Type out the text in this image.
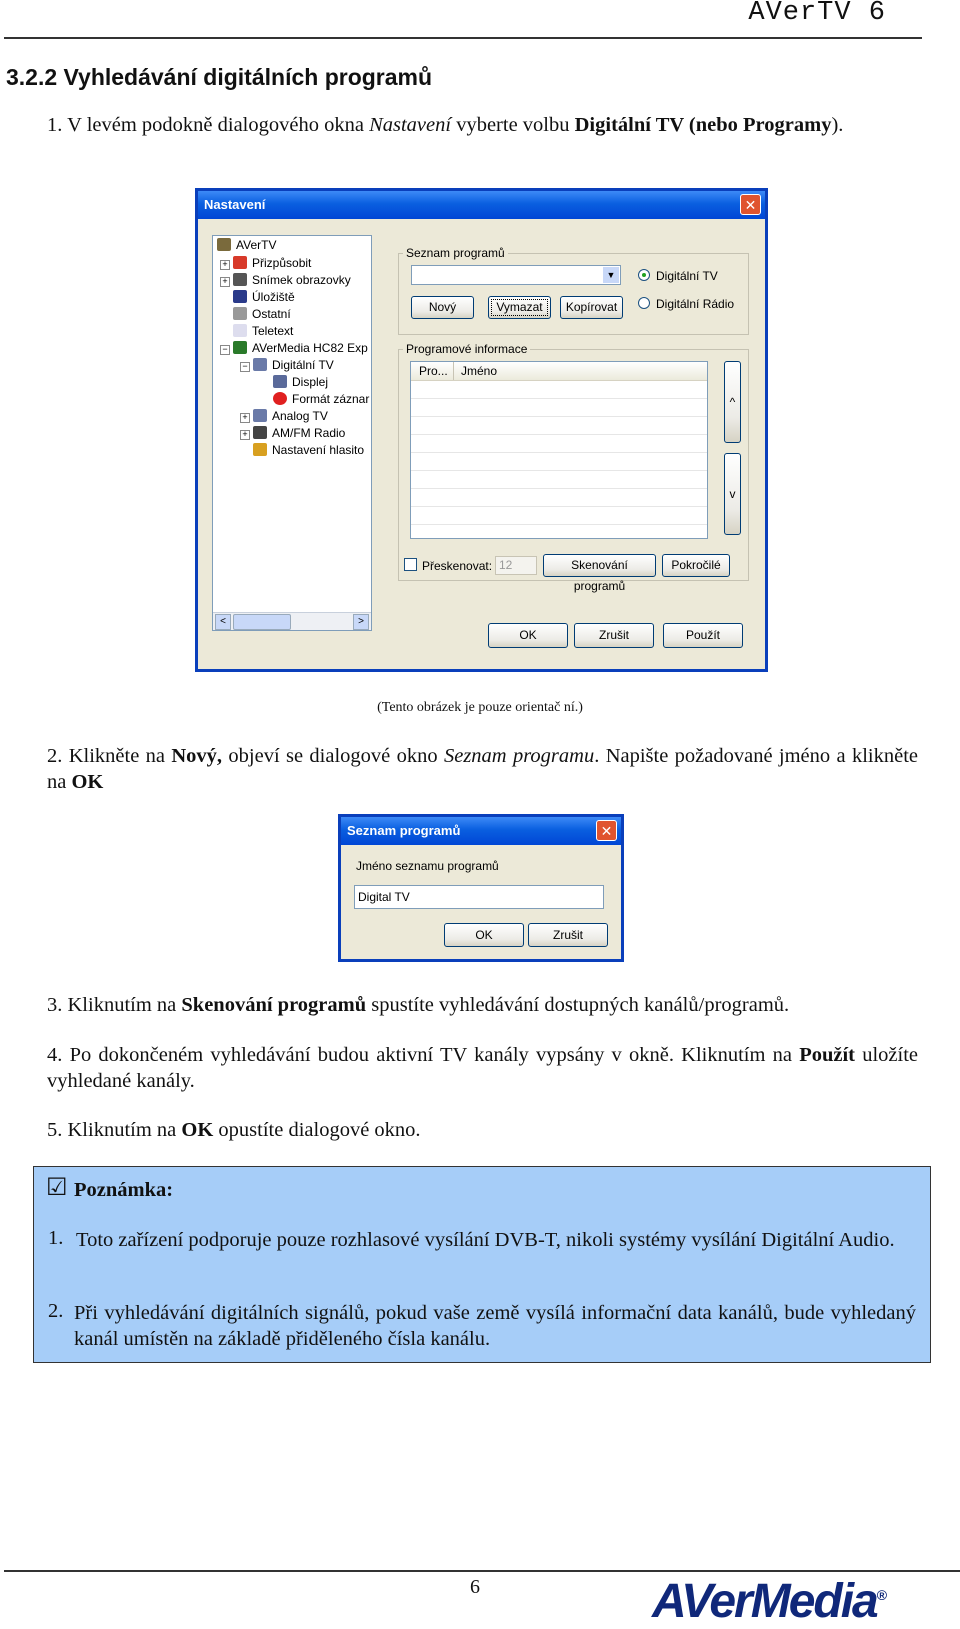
AVerTV 6
3.2.2 Vyhledávání digitálních programů
1. V levém podokně dialogového okna Nastavení vyberte volbu Digitální TV (nebo Programy).
Nastavení	✕
AVerTV
+	Přizpůsobit
+	Snímek obrazovky
Úložiště
Ostatní
Teletext
−	AVerMedia HC82 Exp
−	Digitální TV
Displej
Formát záznar
+	Analog TV
+	AM/FM Radio
Nastavení hlasito
<	>
Seznam programů
▼
Nový	Vymazat	Kopírovat
Digitální TV
Digitální Rádio
Programové informace
Pro... Jméno
^
v
Přeskenovat: 12	Skenování programů
Pokročilé
OK	Zrušit	Použít
(Tento obrázek je pouze orientač ní.)
2. Klikněte na Nový, objeví se dialogové okno Seznam programu. Napište požadované jméno a klikněte na OK
Seznam programů	✕
Jméno seznamu programů
Digital TV
OK	Zrušit
3. Kliknutím na Skenování programů spustíte vyhledávání dostupných kanálů/programů.
4. Po dokončeném vyhledávání budou aktivní TV kanály vypsány v okně. Kliknutím na Použít uložíte vyhledané kanály.
5. Kliknutím na OK opustíte dialogové okno.
☑ Poznámka:
1. Toto zařízení podporuje pouze rozhlasové vysílání DVB-T, nikoli systémy vysílání Digitální Audio.
2. Při vyhledávání digitálních signálů, pokud vaše země vysílá informační data kanálů, bude vyhledaný kanál umístěn na základě přiděleného čísla kanálu.
6	AVerMedia®
